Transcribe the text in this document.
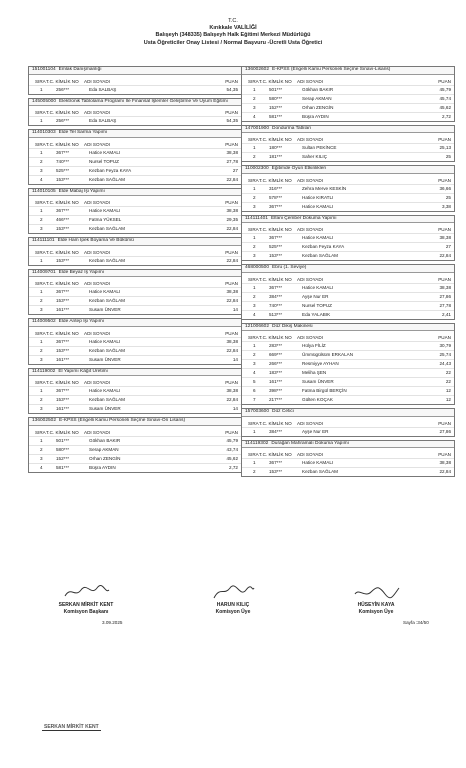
T.C.
Kırıkkale VALİLİĞİ
Balışeyh (348335) Balışeyh Halk Eğitimi Merkezi Müdürlüğü
Usta Öğreticiler Onay Listesi / Normal Başvuru -Ücretli Usta Öğretici
151001104 Emlak Danışmanlığı
SIRA T.C. KİMLİK NO ADI SOYADI	PUAN
1	256***	Eda SALBAŞ	54,35
145005000 Elektronik Tablolama Programı İle Finansal İşlemler Geliştirme Ve Uyum Eğitimi
SIRA T.C. KİMLİK NO ADI SOYADI	PUAN
1	256***	Eda SALBAŞ	54,35
114010303 Elde Tel Sarma Yapımı
SIRA T.C. KİMLİK NO ADI SOYADI	PUAN
1	367***	Hatice KAMALI	38,38
2	740***	Nursel TOPUZ	27,78
3	525***	Kezban Feyza KAYA	27
4	153***	Kezban SAĞLAM	22,84
114010105 Elde Mabaj İşi Yapımı
SIRA T.C. KİMLİK NO ADI SOYADI	PUAN
1	367***	Hatice KAMALI	38,38
2	466***	Fatma YÜKSEL	29,35
3	153***	Kezban SAĞLAM	22,84
114111101 Elde Ham İpek Boyama Ve Bükümü
SIRA T.C. KİMLİK NO ADI SOYADI	PUAN
1	153***	Kezban SAĞLAM	22,84
114009701 Elde Beyaz İş Yapımı
SIRA T.C. KİMLİK NO ADI SOYADI	PUAN
1	367***	Hatice KAMALI	38,38
2	153***	Kezban SAĞLAM	22,84
3	161***	Susam ÜNVER	14
114009502 Elde Antep İşi Yapımı
SIRA T.C. KİMLİK NO ADI SOYADI	PUAN
1	367***	Hatice KAMALI	38,38
2	153***	Kezban SAĞLAM	22,84
3	161***	Susam ÜNVER	14
114119002 El Yapımı Kâğıt Üretimi
SIRA T.C. KİMLİK NO ADI SOYADI	PUAN
1	367***	Hatice KAMALI	38,38
2	153***	Kezban SAĞLAM	22,84
3	161***	Susam ÜNVER	14
136002502 E-KPSS (Engelli Kamu Personeli Seçme Sınavı-Ön Lisans)
SIRA T.C. KİMLİK NO ADI SOYADI	PUAN
1	501***	Gökhan BAKIR	45,79
2	580***	Serap AKMAN	43,74
3	152***	Orhan ZENGİN	45,62
4	581***	Büşra AYDIN	2,72
136002602 E-KPSS (Engelli Kamu Personeli Seçme Sınavı-Lisans)
SIRA T.C. KİMLİK NO ADI SOYADI	PUAN
1	501***	Gökhan BAKIR	45,79
2	580***	Serap AKMAN	45,74
3	152***	Orhan ZENGİN	45,62
4	581***	Büşra AYDIN	2,72
147001900 Dondurma Tatlıları
SIRA T.C. KİMLİK NO ADI SOYADI	PUAN
1	180***	Sultan PEKİNCE	25,13
2	181***	Saher KILIÇ	25
110002300 Eğitimde Oyun Etkinlikleri
SIRA T.C. KİMLİK NO ADI SOYADI	PUAN
1	316***	Zehra Merve KESKİN	36,66
2	578***	Hatice KIRATLI	25
3	367***	Hatice KAMALI	3,38
114111401 Elfani Çember Dokuma Yapımı
SIRA T.C. KİMLİK NO ADI SOYADI	PUAN
1	367***	Hatice KAMALI	38,38
2	525***	Kezban Feyza KAYA	27
3	153***	Kezban SAĞLAM	22,84
468000500 Ebru (1. Seviye)
SIRA T.C. KİMLİK NO ADI SOYADI	PUAN
1	367***	Hatice KAMALI	38,38
2	384***	Ayşe Nur ER	27,86
3	740***	Nursel TOPUZ	27,78
4	513***	Eda YALABIK	2,41
121006602 Düz Dikiş Makinesi
SIRA T.C. KİMLİK NO ADI SOYADI	PUAN
1	283***	Hülya FİLİZ	30,79
2	669***	Ümmügülsüm ERKALAN	25,74
3	266***	Resmiyye AYHAN	24,43
4	183***	Meliha ŞEN	22
5	161***	Susam ÜNVER	22
6	398***	Fatma Birgül BERÇİN	12
7	217***	Gülten KOÇAK	12
157003600 Düz Cetici
SIRA T.C. KİMLİK NO ADI SOYADI	PUAN
1	384***	Ayşe Nur ER	27,86
114119302 Durağan Mahramalı Dokuma Yapımı
SIRA T.C. KİMLİK NO ADI SOYADI	PUAN
1	367***	Hatice KAMALI	38,38
2	153***	Kezban SAĞLAM	22,84
SERKAN MİRKİT KENT
Komisyon Başkanı
HARUN KILIÇ
Komisyon Üye
HÜSEYİN KAYA
Komisyon Üye
3.09.2025	Sayfa :34/50
SERKAN MİRKİT KENT
